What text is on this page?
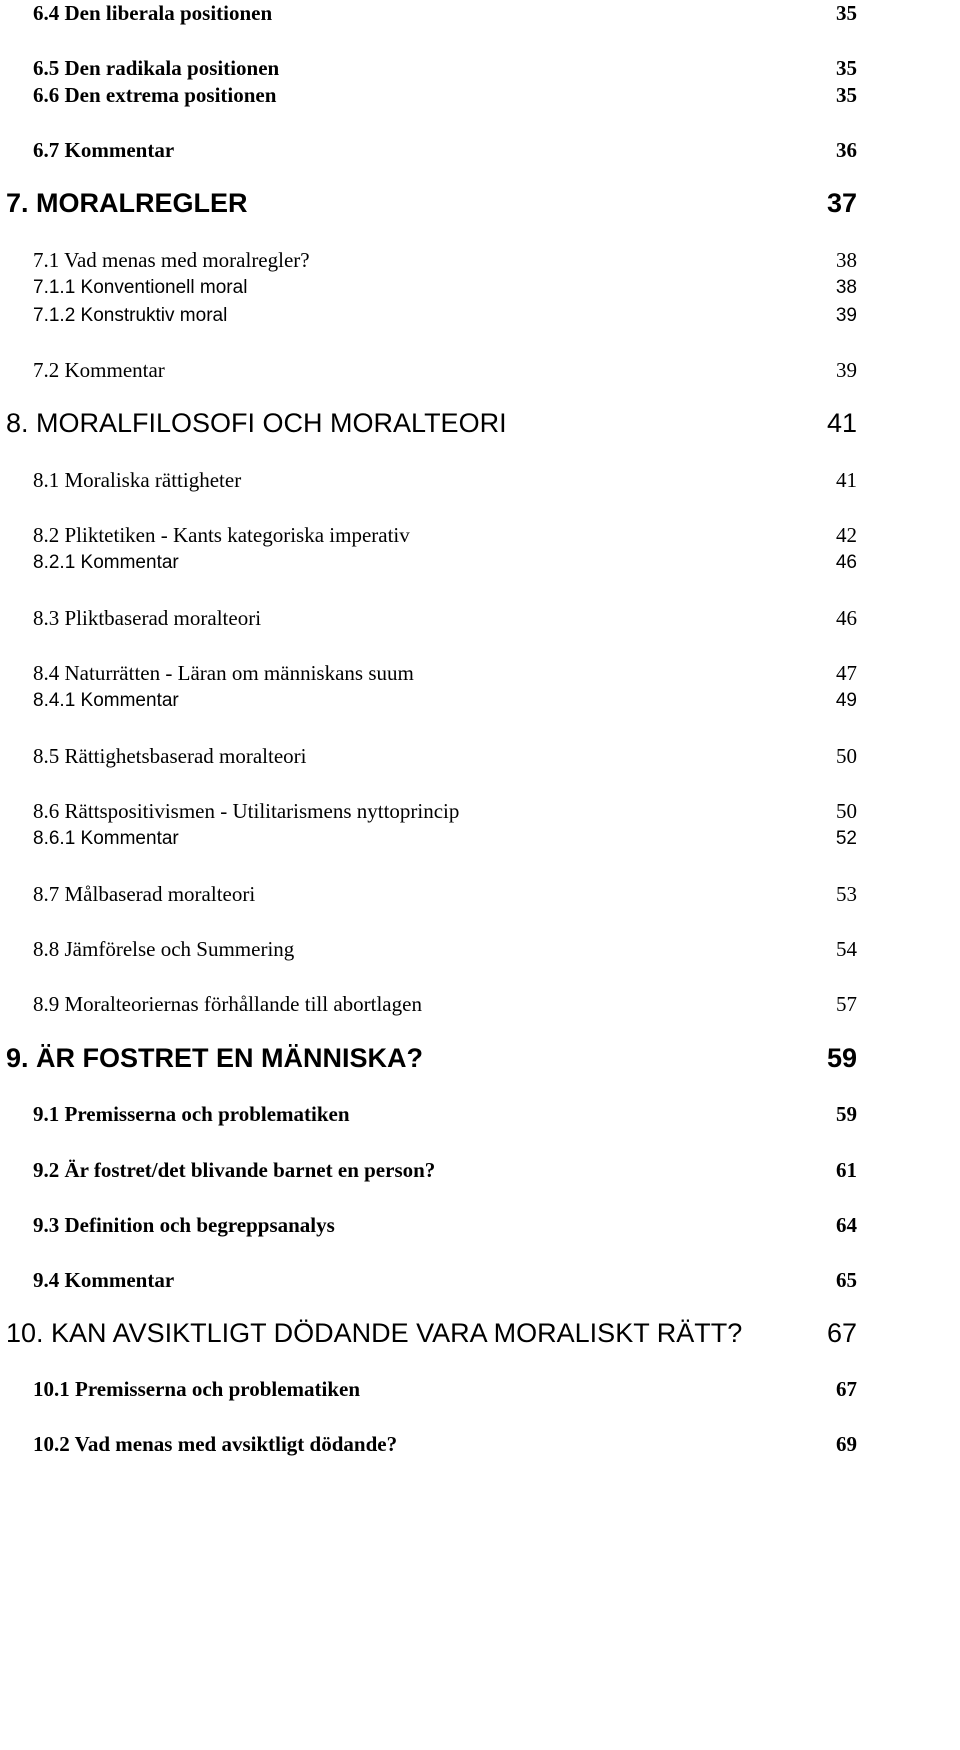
6.4 Den liberala positionen	35
6.5 Den radikala positionen	35
6.6 Den extrema positionen	35
6.7 Kommentar	36
7. MORALREGLER	37
7.1 Vad menas med moralregler?	38
7.1.1 Konventionell moral	38
7.1.2 Konstruktiv moral	39
7.2 Kommentar	39
8. MORALFILOSOFI OCH MORALTEORI	41
8.1 Moraliska rättigheter	41
8.2 Pliktetiken - Kants kategoriska imperativ	42
8.2.1 Kommentar	46
8.3 Pliktbaserad moralteori	46
8.4 Naturrätten - Läran om människans suum	47
8.4.1 Kommentar	49
8.5 Rättighetsbaserad moralteori	50
8.6 Rättspositivismen - Utilitarismens nyttoprincip	50
8.6.1 Kommentar	52
8.7 Målbaserad moralteori	53
8.8 Jämförelse och Summering	54
8.9 Moralteoriernas förhållande till abortlagen	57
9. ÄR FOSTRET EN MÄNNISKA?	59
9.1 Premisserna och problematiken	59
9.2 Är fostret/det blivande barnet en person?	61
9.3 Definition och begreppsanalys	64
9.4 Kommentar	65
10. KAN AVSIKTLIGT DÖDANDE VARA MORALISKT RÄTT?	67
10.1 Premisserna och problematiken	67
10.2 Vad menas med avsiktligt dödande?	69
